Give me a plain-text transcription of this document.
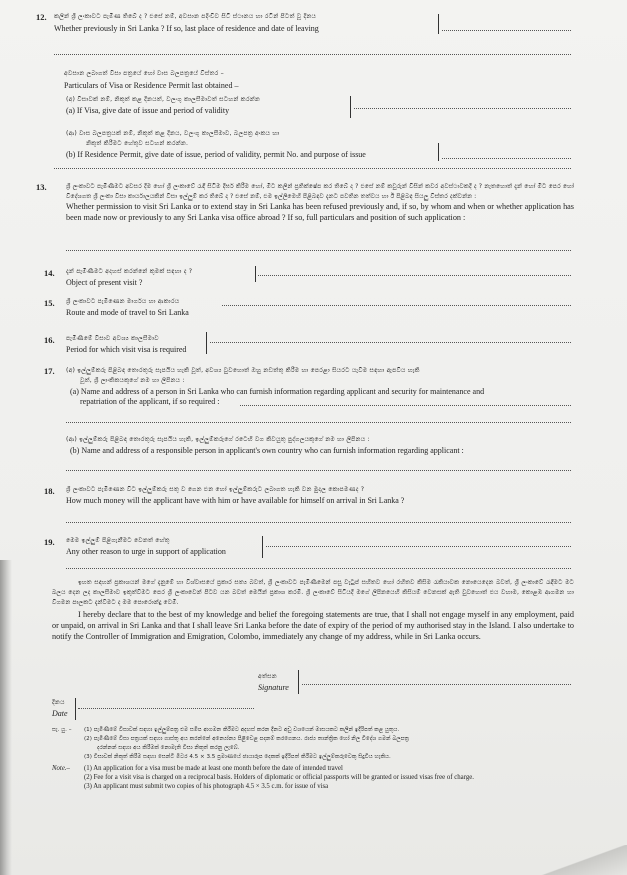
12. කලින් ශ්‍රී ලංකාවට පැමිණ තිබේ ද ? එසේ නම්, අවසාන පදිංචිව සිටි ස්ථානය හා රටින් පිටත් වූ දිනය
Whether previously in Sri Lanka ? If so, last place of residence and date of leaving
අවසාන ලබාගත් වීසා පත්‍රයේ හෝ වාස බලපත්‍රයේ විස්තර –
Particulars of Visa or Residence Permit last obtained –
(අ) වීසාවක් නම්, නිකුත් කළ දිනයත්, වලංගු කාලසීමාවත් සටහන් කරන්න
(a) If Visa, give date of issue and period of validity
(ආ) වාස බලපත්‍රයක් නම්, නිකුත් කළ දිනය, වලංගු කාලසීමාව, බලපත්‍ර අංකය හා
නිකුත් කිරීමට හේතුව සටහන් කරන්න.
(b) If Residence Permit, give date of issue, period of validity, permit No. and purpose of issue
13.	ශ්‍රී ලංකාවට පැමිණීමට අවසර දීම හෝ ශ්‍රී ලංකාවේ රැඳී සිටීම දීර්ඝ කිරීම හෝ, මීට කලින් ප්‍රතික්ෂේප කර තිබේ ද ? එසේ නම් කවුරුන් විසින් කවර අවස්ථාවකදී ද ? නැතහොත් දැන් හෝ මීට පෙර හෝ විදේශගත ශ්‍රී ලංකා වීසා කාර්යාලයකින් වීසා ඉල්ලුම් කර තිබේ ද ? එසේ නම්, එම ඉල්ලීමෙහි පිළිබඳව දැනට පවතින තත්වය හා ඊ පිළිබඳ සියලු විස්තර දක්වන්න :
Whether permission to visit Sri Lanka or to extend stay in Sri Lanka has been refused previously and, if so, by whom and when or whether application has been made now or previously to any Sri Lanka visa office abroad ? If so, full particulars and position of such application :
14. දැන් පැමිණීමට අදහස් කරන්නේ කුමක් සඳහා ද ?
Object of present visit ?
15. ශ්‍රී ලංකාවට පැමිණෙන මාර්ගය හා ආකාරය
Route and mode of travel to Sri Lanka
16. පැමිණීමේ වීසාව අවශ්‍ය කාලසීමාව
Period for which visit visa is required
17. (අ) ඉල්ලුම්කරු පිළිබඳ තොරතුරු සැපයිය හැකි වූත්, අවශ්‍ය වුවහොත් ඔහු නඩත්තු කිරීම හා පෙරළා සියරට යැවීම සඳහා ඇපවිය හැකි
වූත්, ශ්‍රී ලාංකිකයකුගේ නම හා ලිපිනය :
(a) Name and address of a person in Sri Lanka who can furnish information regarding applicant and security for maintenance and
repatriation of the applicant, if so required :
(ආ) ඉල්ලුම්කරු පිළිබඳ තොරතුරු සැපයිය හැකි, ඉල්ලුම්කරුගේ රටෙහි වග කිවයුතු පුද්ගලයකුගේ නම හා ලිපිනය :
(b) Name and address of a responsible person in applicant's own country who can furnish information regarding applicant :
18. ශ්‍රී ලංකාවට පැමිණෙන විට ඉල්ලුම්කරු සතු ව ගෙන එන හෝ ඉල්ලුම්කරුට ලබාගත හැකි වන මුදල කොපමණද ?
How much money will the applicant have with him or have available for himself on arrival in Sri Lanka ?
19. මෙම ඉල්ලුම් පිළිගැනීමට වෙනත් හේතු
Any other reason to urge in support of application
ඉහත සඳහන් ප්‍රකාශයන් මගේ දැනුමේ හා විශ්වාසයේ ප්‍රකාර සත්‍ය බවත්, ශ්‍රී ලංකාවට පැමිණීමෙන් පසු වැටුප් සහිතව හෝ රහිතව කිසිම රැකියාවක නොයෙදෙන බවත්, ශ්‍රී ලංකාවේ රැඳීමට මට බලය දෙන ලද කාලසීමාව ඉකුත්වීමට පෙර ශ්‍රී ලංකාවෙන් පිටව යන බවත් මෙයින් ප්‍රකාශ කරමි. ශ්‍රී ලංකාවේ සිටියදී මගේ ලිපිනයෙහි කිසියම් වෙනසක් ඇති වුවහොත් එය වහාම, කොළඹ ආගමන හා විගමන පාලකට දැන්වීමට ද මම පොරොන්දු වෙමි.
I hereby declare that to the best of my knowledge and belief the foregoing statements are true, that I shall not engage myself in any employment, paid or unpaid, on arrival in Sri Lanka and that I shall leave Sri Lanka before the date of expiry of the period of my authorised stay in the Island. I also undertake to notify the Controller of Immigration and Emigration, Colombo, immediately any change of my address, while in Sri Lanka occurs.
අත්සන
Signature
දිනය
Date
සැ. යු. – (1) පැමිණීමේ වීසාවක් සඳහා ඉල්ලුම්පත්‍ර එම සමීප ආගමන කිරීමට අදහස් කරන දිනට අඩු වශයෙන් මාසයකට කලින් ඉදිරිපත් කළ යුතුය.
(2) පැමිණීමේ වීසා පත්‍රයක් සඳහා ගාස්තු අය කරන්නේ අන්‍යෝන්‍ය පිළිවෙළ පදනම් කරගෙනය. රාජ්‍ය තාන්ත්‍රික හෝ නිල විදේශ ගමන් බලපත්‍ර
දරන්නන් සඳහා අය කිරීමක් නොමැති වීසා නිකුත් කරනු ලැබේ.
(3) වීසාවක් නිකුත් කිරීම සඳහා සෙන්ටි මීටර 4.5 × 3.5 ප්‍රමාණයේ ඡායාරූප දෙකක් ඉදිරිපත් කිරීමට ඉල්ලුම්කරුවෙකු සිදුවිය හැකිය.
Note.– (1) An application for a visa must be made at least one month before the date of intended travel
(2) Fee for a visit visa is charged on a reciprocal basis. Holders of diplomatic or official passports will be granted or issued visas free of charge.
(3) An applicant must submit two copies of his photograph 4.5 × 3.5 c.m. for issue of visa
